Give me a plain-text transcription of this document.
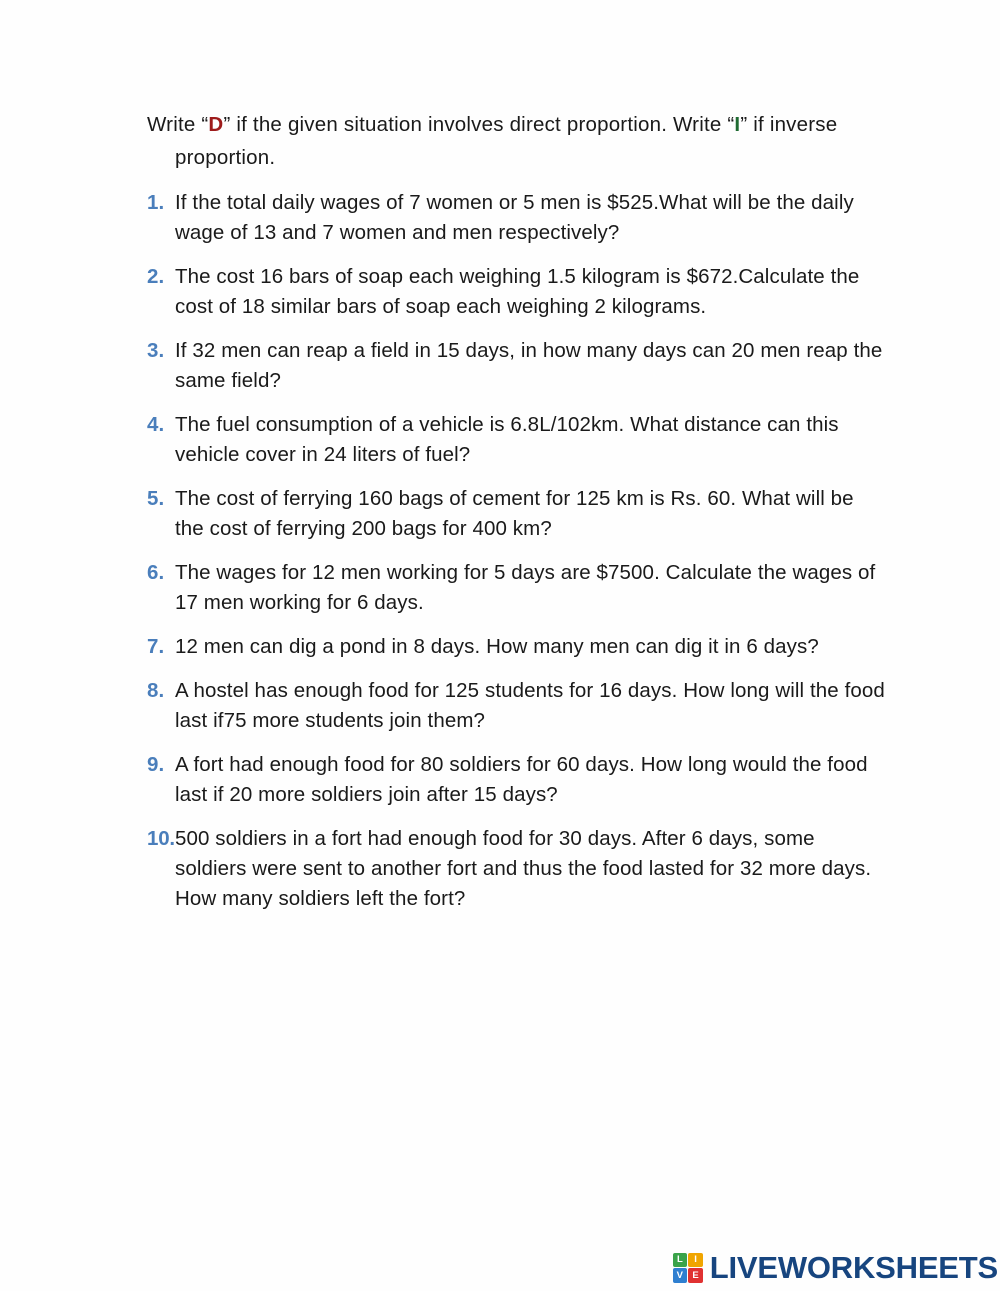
Write “D” if the given situation involves direct proportion. Write “I” if inverse proportion.

1. If the total daily wages of 7 women or 5 men is $525.What will be the daily wage of 13 and 7 women and men respectively?
2. The cost 16 bars of soap each weighing 1.5 kilogram is $672.Calculate the cost of 18 similar bars of soap each weighing 2 kilograms.
3. If 32 men can reap a field in 15 days, in how many days can 20 men reap the same field?
4. The fuel consumption of a vehicle is 6.8L/102km. What distance can this vehicle cover in 24 liters of fuel?
5. The cost of ferrying 160 bags of cement for 125 km is Rs. 60. What will be the cost of ferrying 200 bags for 400 km?
6. The wages for 12 men working for 5 days are $7500. Calculate the wages of 17 men working for 6 days.
7. 12 men can dig a pond in 8 days. How many men can dig it in 6 days?
8. A hostel has enough food for 125 students for 16 days. How long will the food last if75 more students join them?
9. A fort had enough food for 80 soldiers for 60 days. How long would the food last if 20 more soldiers join after 15 days?
10. 500 soldiers in a fort had enough food for 30 days. After 6 days, some soldiers were sent to another fort and thus the food lasted for 32 more days. How many soldiers left the fort?
L	I
V E LIVEWORKSHEETS
